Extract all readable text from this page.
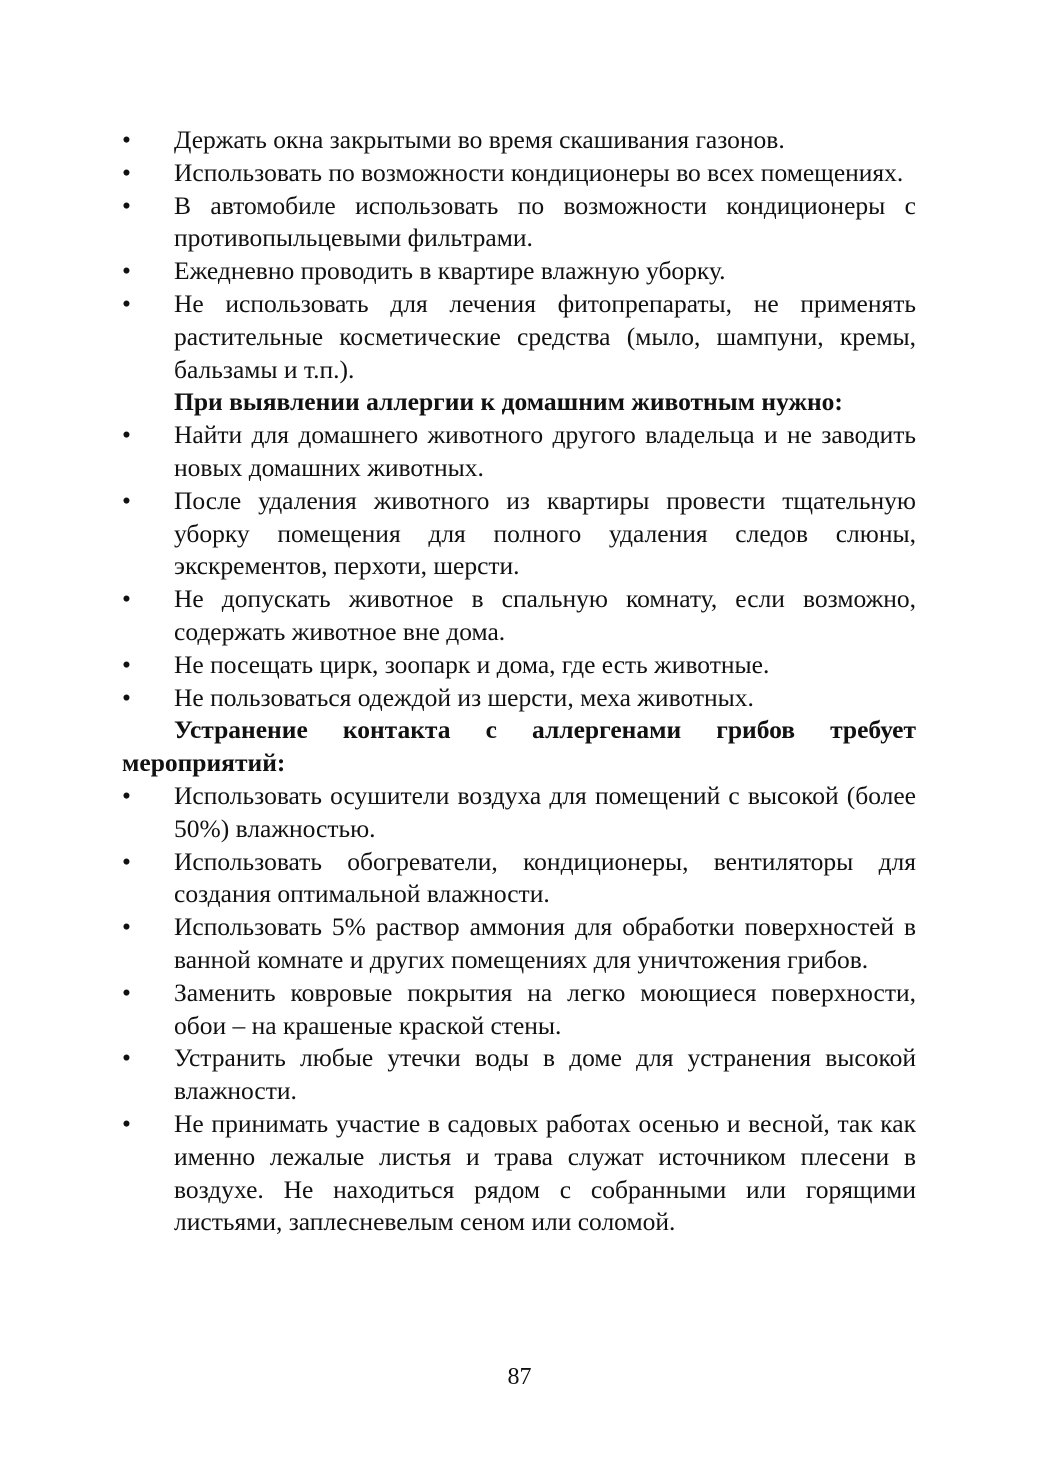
•	Держать окна закрытыми во время скашивания газонов.
•	Использовать по возможности кондиционеры во всех помещениях.
•	В автомобиле использовать по возможности кондиционеры с противопыльцевыми фильтрами.
•	Ежедневно проводить в квартире влажную уборку.
•	Не использовать для лечения фитопрепараты, не применять растительные косметические средства (мыло, шампуни, кремы, бальзамы и т.п.).
При выявлении аллергии к домашним животным нужно:
•	Найти для домашнего животного другого владельца и не заводить новых домашних животных.
•	После удаления животного из квартиры провести тщательную уборку помещения для полного удаления следов слюны, экскрементов, перхоти, шерсти.
•	Не допускать животное в спальную комнату, если возможно, содержать животное вне дома.
•	Не посещать цирк, зоопарк и дома, где есть животные.
•	Не пользоваться одеждой из шерсти, меха животных.
Устранение контакта с аллергенами грибов требует мероприятий:
•	Использовать осушители воздуха для помещений с высокой (более 50%) влажностью.
•	Использовать обогреватели, кондиционеры, вентиляторы для создания оптимальной влажности.
•	Использовать 5% раствор аммония для обработки поверхностей в ванной комнате и других помещениях для уничтожения грибов.
•	Заменить ковровые покрытия на легко моющиеся поверхности, обои – на крашеные краской стены.
•	Устранить любые утечки воды в доме для устранения высокой влажности.
•	Не принимать участие в садовых работах осенью и весной, так как именно лежалые листья и трава служат источником плесени в воздухе. Не находиться рядом с собранными или горящими листьями, заплесневелым сеном или соломой.
87
